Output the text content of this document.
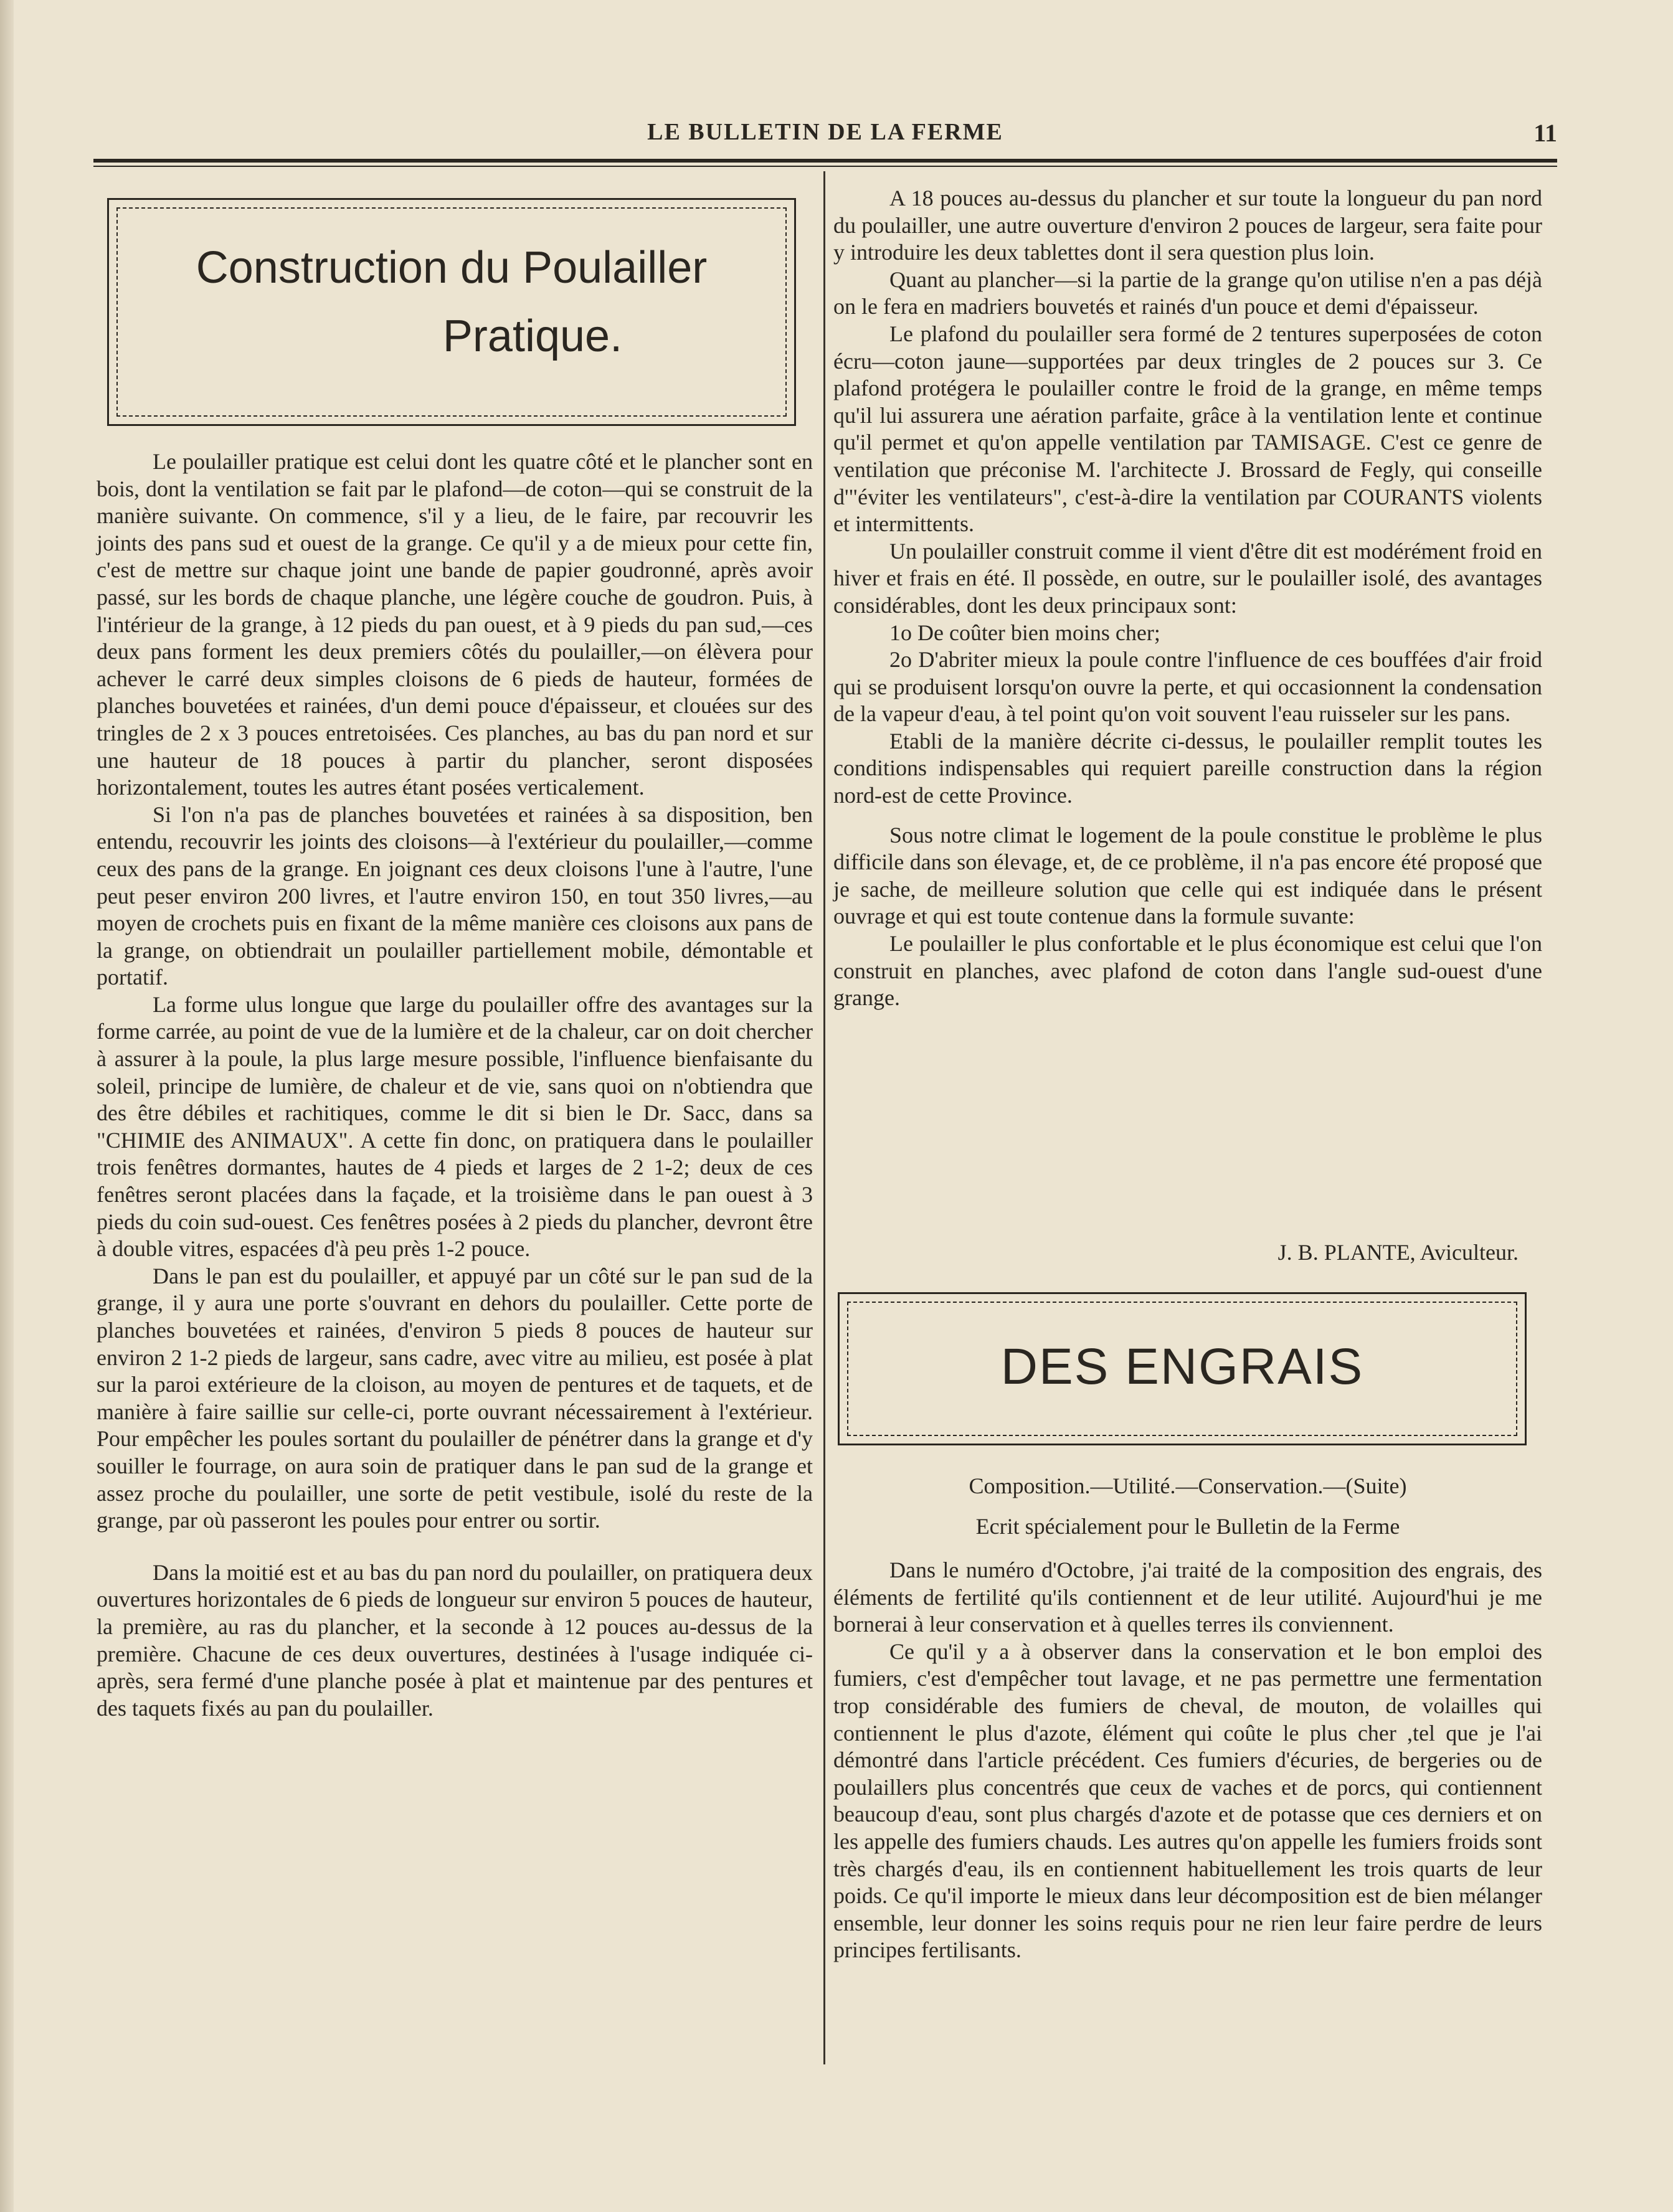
LE BULLETIN DE LA FERME	11
Construction du Poulailler
Pratique.

Le poulailler pratique est celui dont les quatre côté et le plancher sont en bois, dont la ventilation se fait par le plafond—de coton—qui se construit de la manière suivante. On commence, s'il y a lieu, de le faire, par recouvrir les joints des pans sud et ouest de la grange. Ce qu'il y a de mieux pour cette fin, c'est de mettre sur chaque joint une bande de papier goudronné, après avoir passé, sur les bords de chaque planche, une légère couche de goudron. Puis, à l'intérieur de la grange, à 12 pieds du pan ouest, et à 9 pieds du pan sud,—ces deux pans forment les deux premiers côtés du poulailler,—on élèvera pour achever le carré deux simples cloisons de 6 pieds de hauteur, formées de planches bouvetées et rainées, d'un demi pouce d'épaisseur, et clouées sur des tringles de 2 x 3 pouces entretoisées. Ces planches, au bas du pan nord et sur une hauteur de 18 pouces à partir du plancher, seront disposées horizontalement, toutes les autres étant posées verticalement.

Si l'on n'a pas de planches bouvetées et rainées à sa disposition, ben entendu, recouvrir les joints des cloisons—à l'extérieur du poulailler,—comme ceux des pans de la grange. En joignant ces deux cloisons l'une à l'autre, l'une peut peser environ 200 livres, et l'autre environ 150, en tout 350 livres,—au moyen de crochets puis en fixant de la même manière ces cloisons aux pans de la grange, on obtiendrait un poulailler partiellement mobile, démontable et portatif.

La forme ulus longue que large du poulailler offre des avantages sur la forme carrée, au point de vue de la lumière et de la chaleur, car on doit chercher à assurer à la poule, la plus large mesure possible, l'influence bienfaisante du soleil, principe de lumière, de chaleur et de vie, sans quoi on n'obtiendra que des être débiles et rachitiques, comme le dit si bien le Dr. Sacc, dans sa "CHIMIE des ANIMAUX". A cette fin donc, on pratiquera dans le poulailler trois fenêtres dormantes, hautes de 4 pieds et larges de 2 1-2; deux de ces fenêtres seront placées dans la façade, et la troisième dans le pan ouest à 3 pieds du coin sud-ouest. Ces fenêtres posées à 2 pieds du plancher, devront être à double vitres, espacées d'à peu près 1-2 pouce.

Dans le pan est du poulailler, et appuyé par un côté sur le pan sud de la grange, il y aura une porte s'ouvrant en dehors du poulailler. Cette porte de planches bouvetées et rainées, d'environ 5 pieds 8 pouces de hauteur sur environ 2 1-2 pieds de largeur, sans cadre, avec vitre au milieu, est posée à plat sur la paroi extérieure de la cloison, au moyen de pentures et de taquets, et de manière à faire saillie sur celle-ci, porte ouvrant nécessairement à l'extérieur. Pour empêcher les poules sortant du poulailler de pénétrer dans la grange et d'y souiller le fourrage, on aura soin de pratiquer dans le pan sud de la grange et assez proche du poulailler, une sorte de petit vestibule, isolé du reste de la grange, par où passeront les poules pour entrer ou sortir.

Dans la moitié est et au bas du pan nord du poulailler, on pratiquera deux ouvertures horizontales de 6 pieds de longueur sur environ 5 pouces de hauteur, la première, au ras du plancher, et la seconde à 12 pouces au-dessus de la première. Chacune de ces deux ouvertures, destinées à l'usage indiquée ci-après, sera fermé d'une planche posée à plat et maintenue par des pentures et des taquets fixés au pan du poulailler.

A 18 pouces au-dessus du plancher et sur toute la longueur du pan nord du poulailler, une autre ouverture d'environ 2 pouces de largeur, sera faite pour y introduire les deux tablettes dont il sera question plus loin.

Quant au plancher—si la partie de la grange qu'on utilise n'en a pas déjà on le fera en madriers bouvetés et rainés d'un pouce et demi d'épaisseur.

Le plafond du poulailler sera formé de 2 tentures superposées de coton écru—coton jaune—supportées par deux tringles de 2 pouces sur 3. Ce plafond protégera le poulailler contre le froid de la grange, en même temps qu'il lui assurera une aération parfaite, grâce à la ventilation lente et continue qu'il permet et qu'on appelle ventilation par TAMISAGE. C'est ce genre de ventilation que préconise M. l'architecte J. Brossard de Fegly, qui conseille d'"éviter les ventilateurs", c'est-à-dire la ventilation par COURANTS violents et intermittents.

Un poulailler construit comme il vient d'être dit est modérément froid en hiver et frais en été. Il possède, en outre, sur le poulailler isolé, des avantages considérables, dont les deux principaux sont:

1o De coûter bien moins cher;

2o D'abriter mieux la poule contre l'influence de ces bouffées d'air froid qui se produisent lorsqu'on ouvre la perte, et qui occasionnent la condensation de la vapeur d'eau, à tel point qu'on voit souvent l'eau ruisseler sur les pans.

Etabli de la manière décrite ci-dessus, le poulailler remplit toutes les conditions indispensables qui requiert pareille construction dans la région nord-est de cette Province.

Sous notre climat le logement de la poule constitue le problème le plus difficile dans son élevage, et, de ce problème, il n'a pas encore été proposé que je sache, de meilleure solution que celle qui est indiquée dans le présent ouvrage et qui est toute contenue dans la formule suvante:

Le poulailler le plus confortable et le plus économique est celui que l'on construit en planches, avec plafond de coton dans l'angle sud-ouest d'une grange.

J. B. PLANTE, Aviculteur.
DES ENGRAIS
Composition.—Utilité.—Conservation.—(Suite)
Ecrit spécialement pour le Bulletin de la Ferme

Dans le numéro d'Octobre, j'ai traité de la composition des engrais, des éléments de fertilité qu'ils contiennent et de leur utilité. Aujourd'hui je me bornerai à leur conservation et à quelles terres ils conviennent.

Ce qu'il y a à observer dans la conservation et le bon emploi des fumiers, c'est d'empêcher tout lavage, et ne pas permettre une fermentation trop considérable des fumiers de cheval, de mouton, de volailles qui contiennent le plus d'azote, élément qui coûte le plus cher ,tel que je l'ai démontré dans l'article précédent. Ces fumiers d'écuries, de bergeries ou de poulaillers plus concentrés que ceux de vaches et de porcs, qui contiennent beaucoup d'eau, sont plus chargés d'azote et de potasse que ces derniers et on les appelle des fumiers chauds. Les autres qu'on appelle les fumiers froids sont très chargés d'eau, ils en contiennent habituellement les trois quarts de leur poids. Ce qu'il importe le mieux dans leur décomposition est de bien mélanger ensemble, leur donner les soins requis pour ne rien leur faire perdre de leurs principes fertilisants.
